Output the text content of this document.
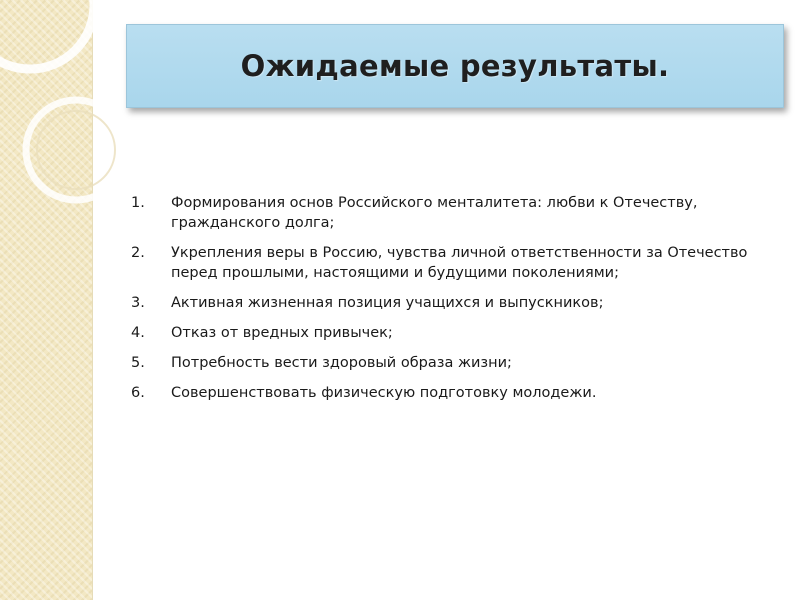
Ожидаемые результаты.
1.	Формирования основ Российского менталитета: любви к Отечеству, гражданского долга;
2.	Укрепления веры в Россию, чувства личной ответственности за Отечество перед прошлыми, настоящими и будущими поколениями;
3.	Активная жизненная позиция учащихся и выпускников;
4.	Отказ от вредных привычек;
5.	Потребность вести здоровый образа жизни;
6.	Совершенствовать физическую подготовку молодежи.
